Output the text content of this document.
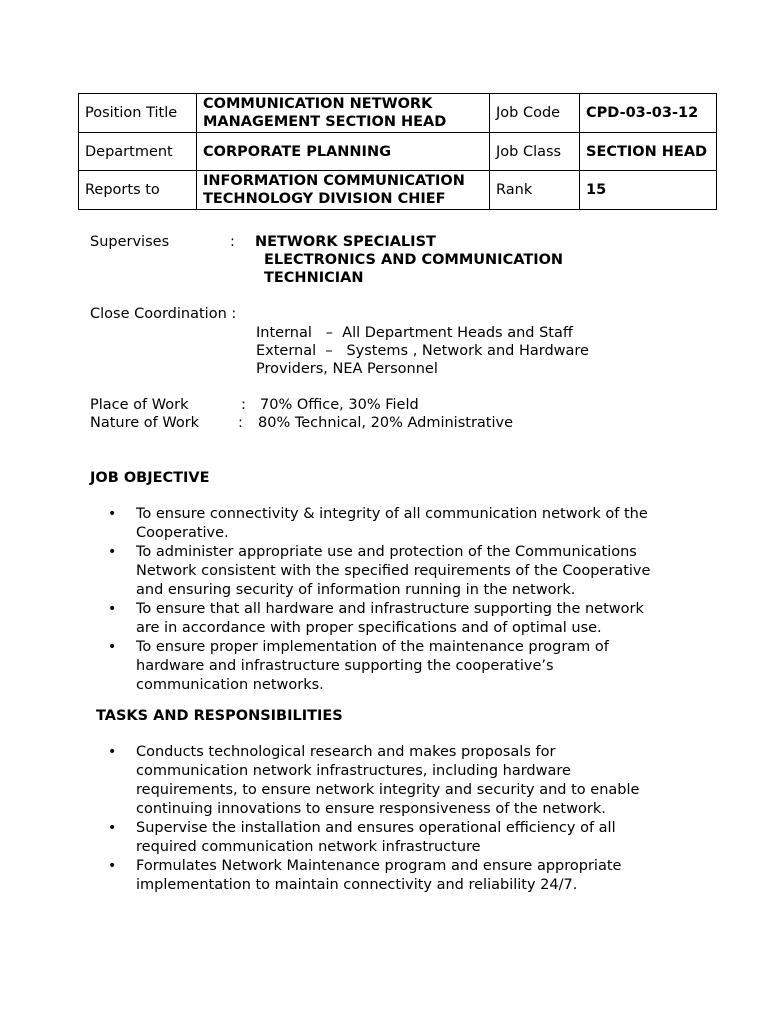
Position Title	COMMUNICATION NETWORK MANAGEMENT SECTION HEAD	Job Code	CPD-03-03-12
Department	CORPORATE PLANNING	Job Class	SECTION HEAD
Reports to	INFORMATION COMMUNICATION TECHNOLOGY DIVISION CHIEF	Rank	15
Supervises	: NETWORK SPECIALIST
ELECTRONICS AND COMMUNICATION
TECHNICIAN
Close Coordination :
Internal   –  All Department Heads and Staff
External  –   Systems , Network and Hardware
Providers, NEA Personnel
Place of Work	: 70% Office, 30% Field
Nature of Work	: 80% Technical, 20% Administrative
JOB OBJECTIVE
• To ensure connectivity & integrity of all communication network of the
Cooperative.
• To administer appropriate use and protection of the Communications
Network consistent with the specified requirements of the Cooperative
and ensuring security of information running in the network.
• To ensure that all hardware and infrastructure supporting the network
are in accordance with proper specifications and of optimal use.
• To ensure proper implementation of the maintenance program of
hardware and infrastructure supporting the cooperative’s
communication networks.
TASKS AND RESPONSIBILITIES
• Conducts technological research and makes proposals for
communication network infrastructures, including hardware
requirements, to ensure network integrity and security and to enable
continuing innovations to ensure responsiveness of the network.
• Supervise the installation and ensures operational efficiency of all
required communication network infrastructure
• Formulates Network Maintenance program and ensure appropriate
implementation to maintain connectivity and reliability 24/7.
